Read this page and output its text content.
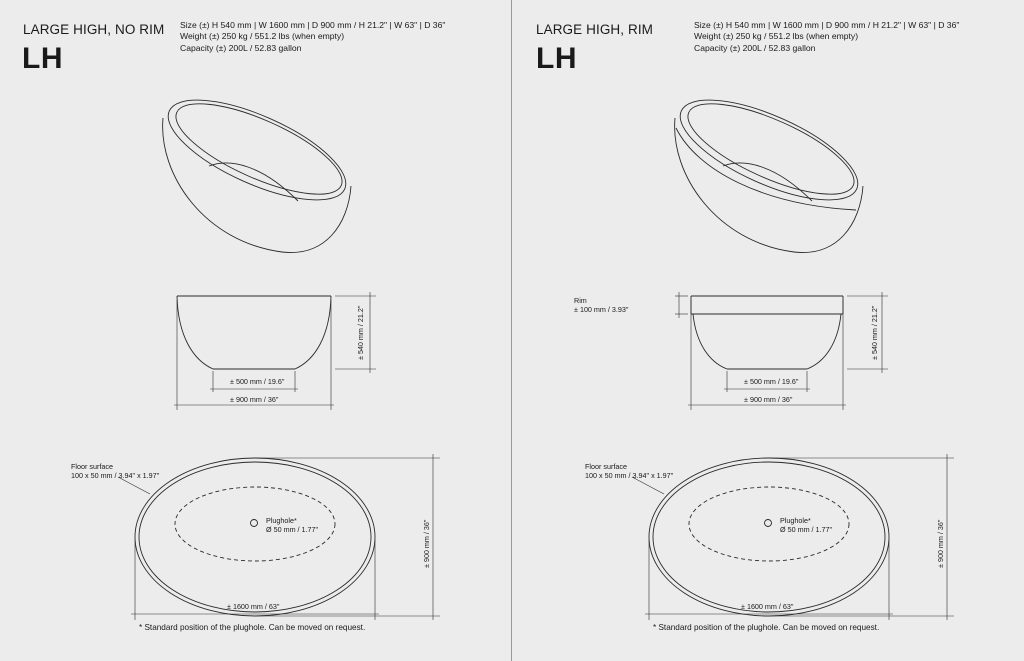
LARGE HIGH, NO RIM
LH
Size (±) H 540 mm | W 1600 mm | D 900 mm / H 21.2" | W 63" | D 36"
Weight (±) 250 kg / 551.2 lbs (when empty)
Capacity (±) 200L / 52.83 gallon
± 540 mm / 21.2"
± 500 mm / 19.6"
± 900 mm / 36"
Floor surface
100 x 50 mm / 3.94" x 1.97"
Plughole*
Ø 50 mm / 1.77"	± 900 mm / 36"
± 1600 mm / 63"
* Standard position of the plughole. Can be moved on request.
LARGE HIGH, RIM
LH
Size (±) H 540 mm | W 1600 mm | D 900 mm / H 21.2" | W 63" | D 36"
Weight (±) 250 kg / 551.2 lbs (when empty)
Capacity (±) 200L / 52.83 gallon
Rim
± 100 mm / 3.93"	± 540 mm / 21.2"
± 500 mm / 19.6"
± 900 mm / 36"
Floor surface
100 x 50 mm / 3.94" x 1.97"
Plughole*
Ø 50 mm / 1.77"	± 900 mm / 36"
± 1600 mm / 63"
* Standard position of the plughole. Can be moved on request.
